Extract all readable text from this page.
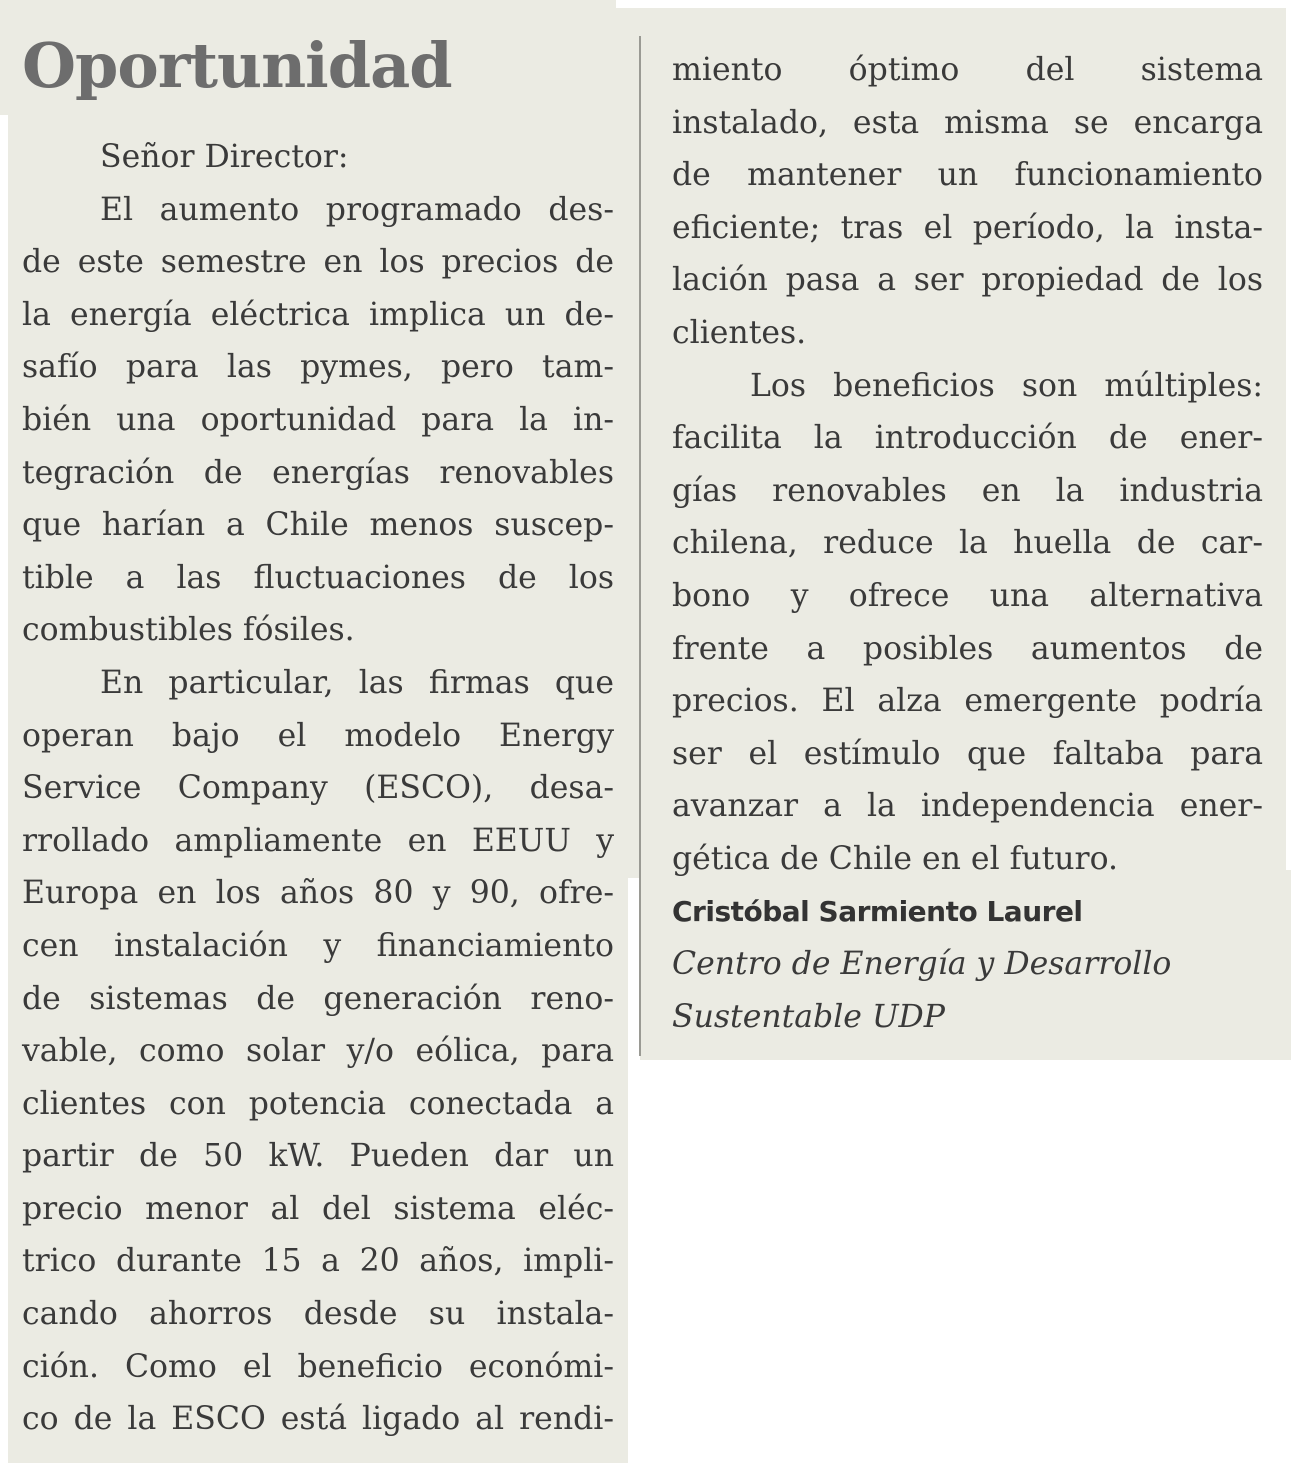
Oportunidad
Señor Director:
El aumento programado des-
de este semestre en los precios de
la energía eléctrica implica un de-
safío para las pymes, pero tam-
bién una oportunidad para la in-
tegración de energías renovables
que harían a Chile menos suscep-
tible a las fluctuaciones de los
combustibles fósiles.
En particular, las firmas que
operan bajo el modelo Energy
Service Company (ESCO), desa-
rrollado ampliamente en EEUU y
Europa en los años 80 y 90, ofre-
cen instalación y financiamiento
de sistemas de generación reno-
vable, como solar y/o eólica, para
clientes con potencia conectada a
partir de 50 kW. Pueden dar un
precio menor al del sistema eléc-
trico durante 15 a 20 años, impli-
cando ahorros desde su instala-
ción. Como el beneficio económi-
co de la ESCO está ligado al rendi-
miento óptimo del sistema
instalado, esta misma se encarga
de mantener un funcionamiento
eficiente; tras el período, la insta-
lación pasa a ser propiedad de los
clientes.
Los beneficios son múltiples:
facilita la introducción de ener-
gías renovables en la industria
chilena, reduce la huella de car-
bono y ofrece una alternativa
frente a posibles aumentos de
precios. El alza emergente podría
ser el estímulo que faltaba para
avanzar a la independencia ener-
gética de Chile en el futuro.
Cristóbal Sarmiento Laurel
Centro de Energía y Desarrollo
Sustentable UDP
